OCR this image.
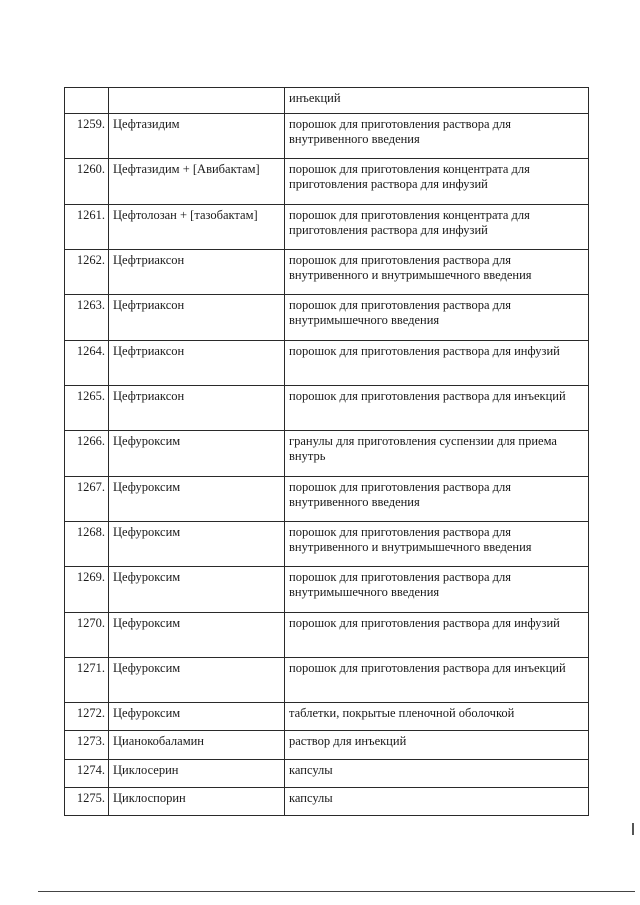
		инъекций
1259.	Цефтазидим	порошок для приготовления раствора для внутривенного введения
1260.	Цефтазидим + [Авибактам]	порошок для приготовления концентрата для приготовления раствора для инфузий
1261.	Цефтолозан + [тазобактам]	порошок для приготовления концентрата для приготовления раствора для инфузий
1262.	Цефтриаксон	порошок для приготовления раствора для внутривенного и внутримышечного введения
1263.	Цефтриаксон	порошок для приготовления раствора для внутримышечного введения
1264.	Цефтриаксон	порошок для приготовления раствора для инфузий
1265.	Цефтриаксон	порошок для приготовления раствора для инъекций
1266.	Цефуроксим	гранулы для приготовления суспензии для приема внутрь
1267.	Цефуроксим	порошок для приготовления раствора для внутривенного введения
1268.	Цефуроксим	порошок для приготовления раствора для внутривенного и внутримышечного введения
1269.	Цефуроксим	порошок для приготовления раствора для внутримышечного введения
1270.	Цефуроксим	порошок для приготовления раствора для инфузий
1271.	Цефуроксим	порошок для приготовления раствора для инъекций
1272.	Цефуроксим	таблетки, покрытые пленочной оболочкой
1273.	Цианокобаламин	раствор для инъекций
1274.	Циклосерин	капсулы
1275.	Циклоспорин	капсулы
